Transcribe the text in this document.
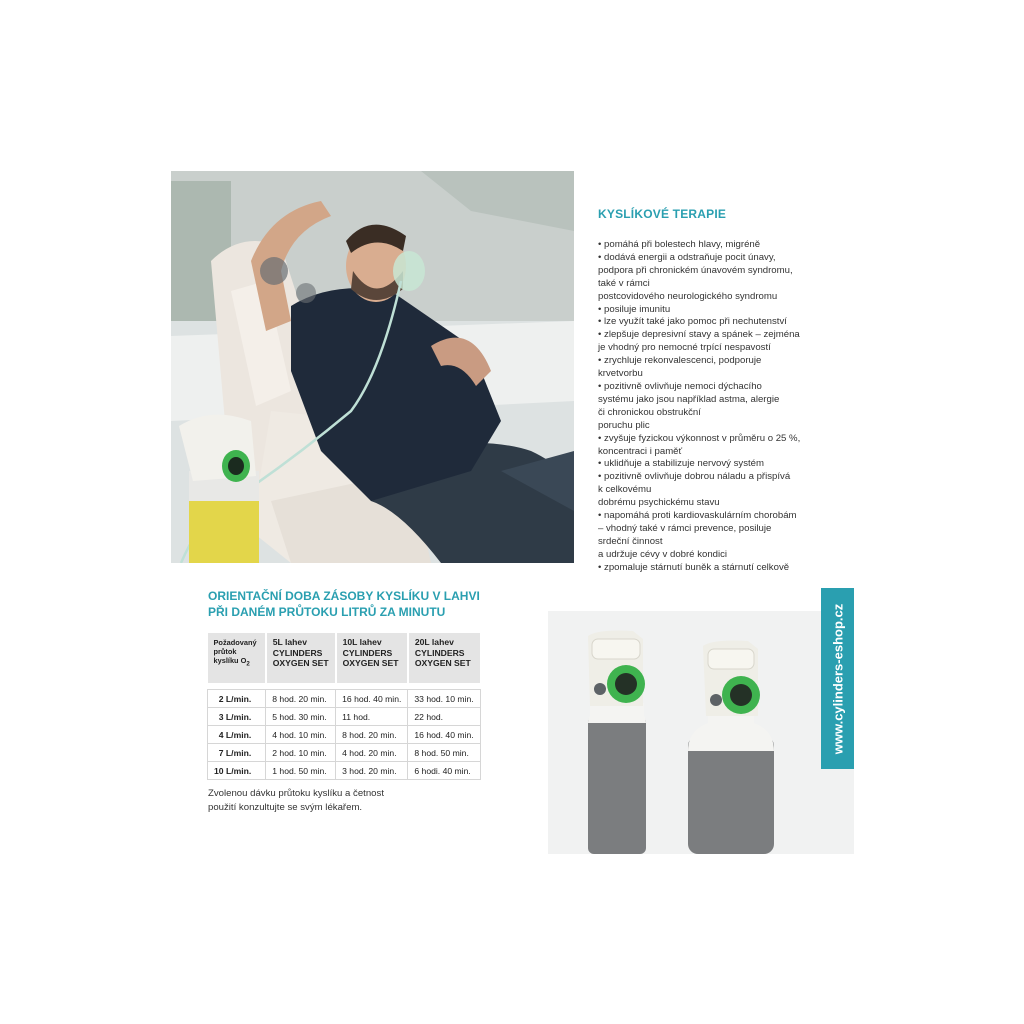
KYSLÍKOVÉ TERAPIE
• pomáhá při bolestech hlavy, migréně
• dodává energii a odstraňuje pocit únavy,
podpora při chronickém únavovém syndromu,
také v rámci
postcovidového neurologického syndromu
• posiluje imunitu
• lze využít také jako pomoc při nechutenství
• zlepšuje depresivní stavy a spánek – zejména
je vhodný pro nemocné trpící nespavostí
• zrychluje rekonvalescenci, podporuje
krvetvorbu
• pozitivně ovlivňuje nemoci dýchacího
systému jako jsou například astma, alergie
či chronickou obstrukční
poruchu plic
• zvyšuje fyzickou výkonnost v průměru o 25 %,
koncentraci i paměť
• uklidňuje a stabilizuje nervový systém
• pozitivně ovlivňuje dobrou náladu a přispívá
k celkovému
dobrému psychickému stavu
• napomáhá proti kardiovaskulárním chorobám
– vhodný také v rámci prevence, posiluje
srdeční činnost
a udržuje cévy v dobré kondici
• zpomaluje stárnutí buněk a stárnutí celkově
ORIENTAČNÍ DOBA ZÁSOBY KYSLÍKU V LAHVI
PŘI DANÉM PRŮTOKU LITRŮ ZA MINUTU
Požadovaný
průtok
kyslíku $O_2$	5L lahev
CYLINDERS
OXYGEN SET	10L lahev
CYLINDERS
OXYGEN SET	20L lahev
CYLINDERS
OXYGEN SET

2 L/min.	8 hod. 20 min.	16 hod. 40 min.	33 hod. 10 min.
3 L/min.	5 hod. 30 min.	11 hod.	22 hod.
4 L/min.	4 hod. 10 min.	8 hod. 20 min.	16 hod. 40 min.
7 L/min.	2 hod. 10 min.	4 hod. 20 min.	8 hod. 50 min.
10 L/min.	1 hod. 50 min.	3 hod. 20 min.	6 hodi. 40 min.
Zvolenou dávku průtoku kyslíku a četnost
použití konzultujte se svým lékařem.
www.cylinders-eshop.cz
